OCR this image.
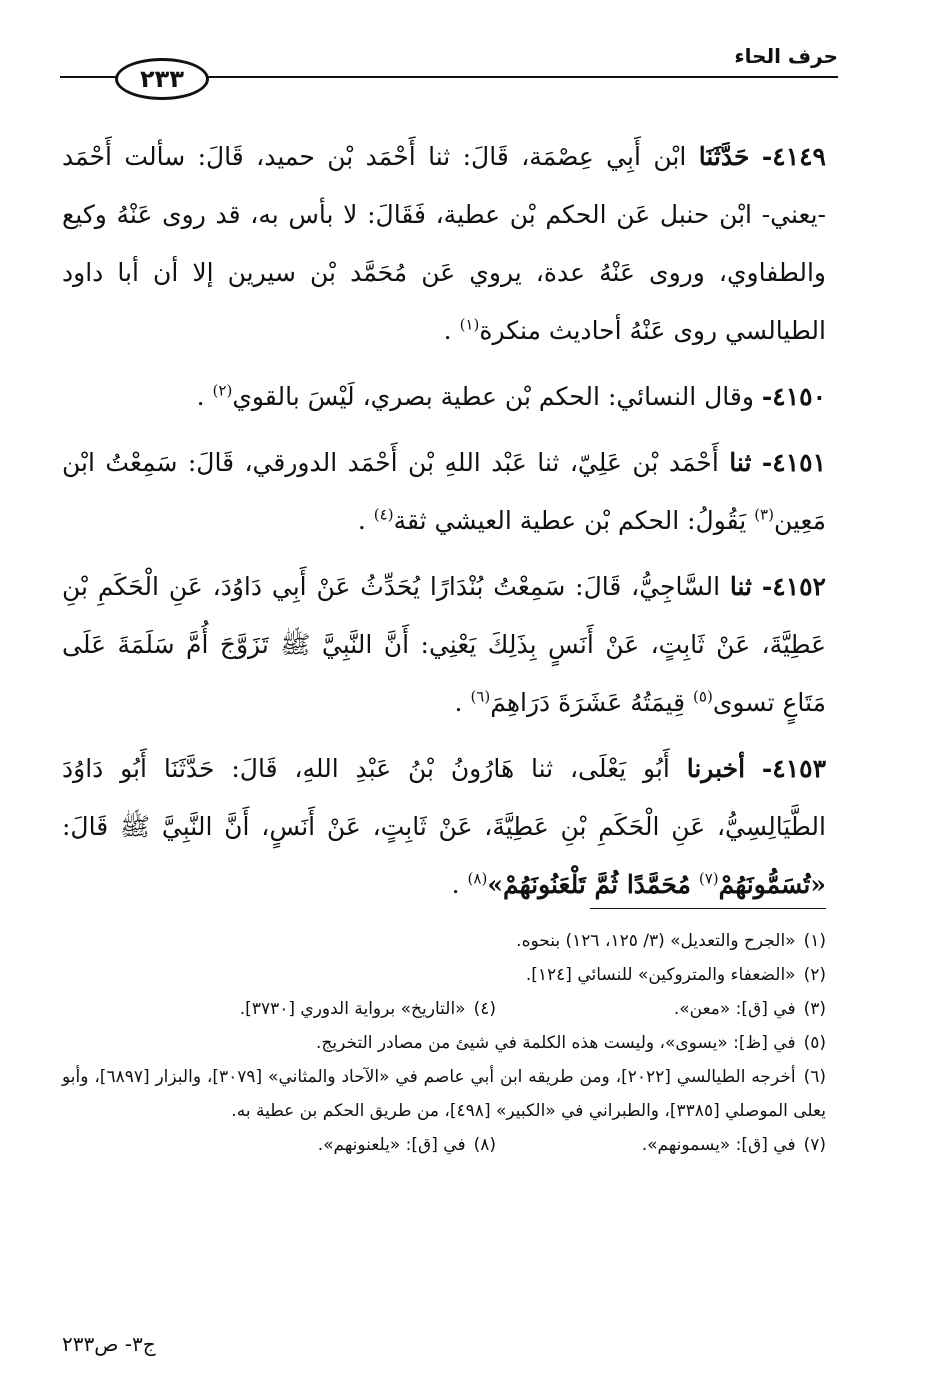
حرف الحاء
٢٣٣

٤١٤٩- حَدَّثَنَا ابْن أَبِي عِصْمَة، قَالَ: ثنا أَحْمَد بْن حميد، قَالَ: سألت أَحْمَد -يعني- ابْن حنبل عَن الحكم بْن عطية، فَقَالَ: لا بأس به، قد روى عَنْهُ وكيع والطفاوي، وروى عَنْهُ عدة، يروي عَن مُحَمَّد بْن سيرين إلا أن أبا داود الطيالسي روى عَنْهُ أحاديث منكرة$^{(١)}$ .

٤١٥٠- وقال النسائي: الحكم بْن عطية بصري، لَيْسَ بالقوي$^{(٢)}$ .

٤١٥١- ثنا أَحْمَد بْن عَلِيّ، ثنا عَبْد اللهِ بْن أَحْمَد الدورقي، قَالَ: سَمِعْتُ ابْن مَعِين$^{(٣)}$ يَقُولُ: الحكم بْن عطية العيشي ثقة$^{(٤)}$ .

٤١٥٢- ثنا السَّاجِيُّ، قَالَ: سَمِعْتُ بُنْدَارًا يُحَدِّثُ عَنْ أَبِي دَاوُدَ، عَنِ الْحَكَمِ بْنِ عَطِيَّةَ، عَنْ ثَابِتٍ، عَنْ أَنَسٍ بِذَلِكَ يَعْنِي: أَنَّ النَّبِيَّ ﷺ تَزَوَّجَ أُمَّ سَلَمَةَ عَلَى مَتَاعٍ تسوى$^{(٥)}$ قِيمَتُهُ عَشَرَةَ دَرَاهِمَ$^{(٦)}$ .

٤١٥٣- أخبرنا أَبُو يَعْلَى، ثنا هَارُونُ بْنُ عَبْدِ اللهِ، قَالَ: حَدَّثَنَا أَبُو دَاوُدَ الطَّيَالِسِيُّ، عَنِ الْحَكَمِ بْنِ عَطِيَّةَ، عَنْ ثَابِتٍ، عَنْ أَنَسٍ، أَنَّ النَّبِيَّ ﷺ قَالَ: «تُسَمُّونَهُمْ$^{(٧)}$ مُحَمَّدًا ثُمَّ تَلْعَنُونَهُمْ»$^{(٨)}$ .

(١)«الجرح والتعديل» (٣/ ١٢٥، ١٢٦) بنحوه.

(٢)«الضعفاء والمتروكين» للنسائي [١٢٤].

(٣)في [ق]: «معن».

(٤)«التاريخ» برواية الدوري [٣٧٣٠].

(٥)في [ظ]: «يسوى»، وليست هذه الكلمة في شيئ من مصادر التخريج.

(٦)أخرجه الطيالسي [٢٠٢٢]، ومن طريقه ابن أبي عاصم في «الآحاد والمثاني» [٣٠٧٩]، والبزار [٦٨٩٧]، وأبو يعلى الموصلي [٣٣٨٥]، والطبراني في «الكبير» [٤٩٨]، من طريق الحكم بن عطية به.

(٧)في [ق]: «يسمونهم».

(٨)في [ق]: «يلعنونهم».

ج٣- ص٢٣٣
